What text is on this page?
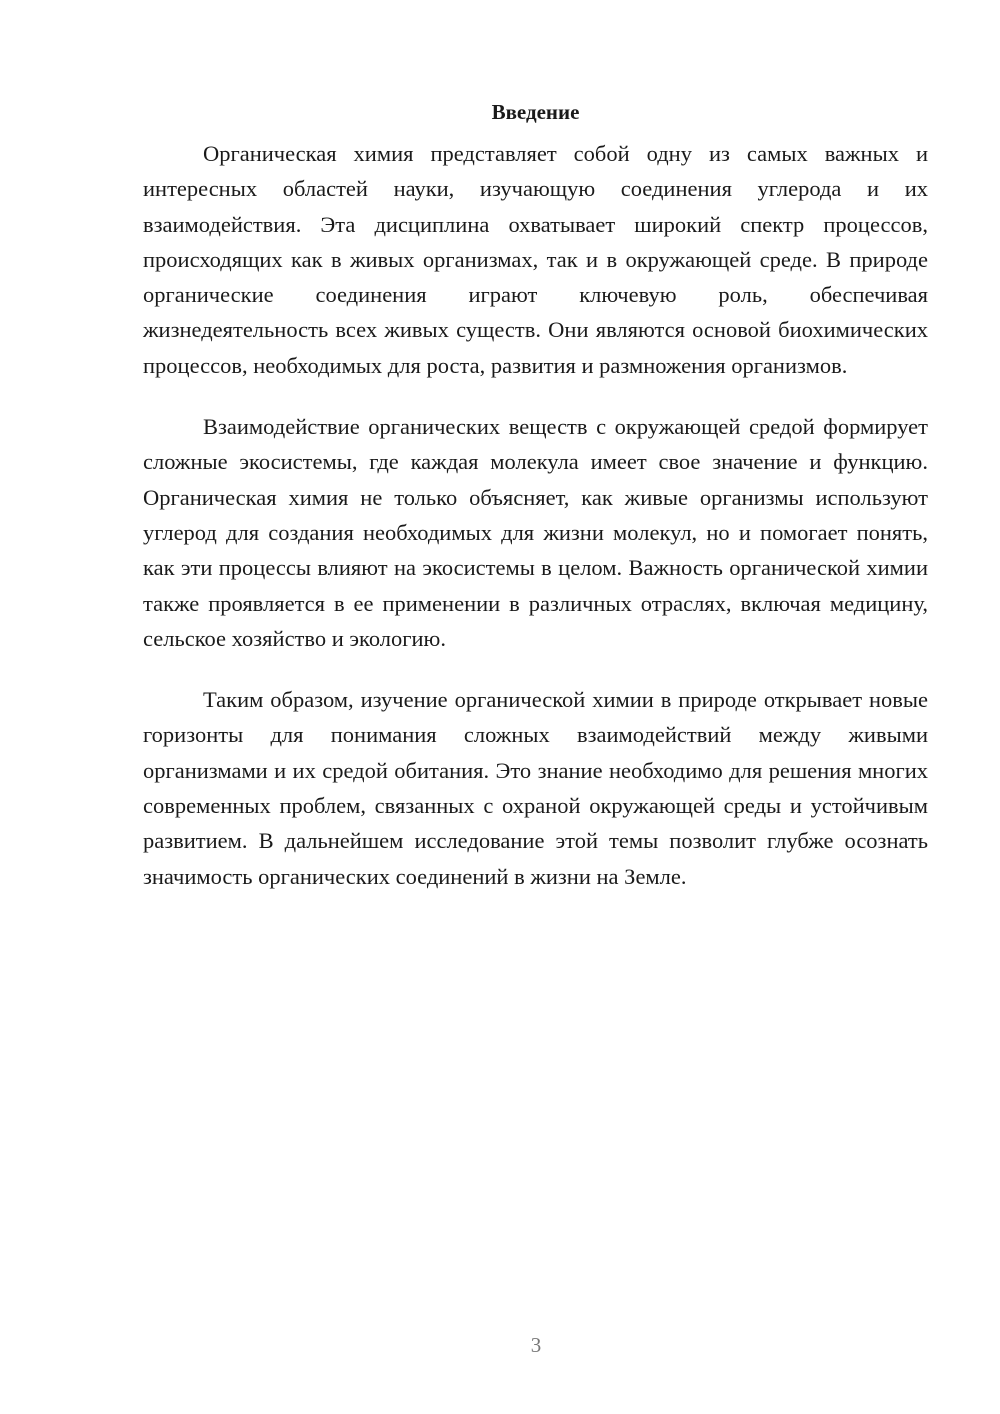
Введение

Органическая химия представляет собой одну из самых важных и интересных областей науки, изучающую соединения углерода и их взаимодействия. Эта дисциплина охватывает широкий спектр процессов, происходящих как в живых организмах, так и в окружающей среде. В природе органические соединения играют ключевую роль, обеспечивая жизнедеятельность всех живых существ. Они являются основой биохимических процессов, необходимых для роста, развития и размножения организмов.

Взаимодействие органических веществ с окружающей средой формирует сложные экосистемы, где каждая молекула имеет свое значение и функцию. Органическая химия не только объясняет, как живые организмы используют углерод для создания необходимых для жизни молекул, но и помогает понять, как эти процессы влияют на экосистемы в целом. Важность органической химии также проявляется в ее применении в различных отраслях, включая медицину, сельское хозяйство и экологию.

Таким образом, изучение органической химии в природе открывает новые горизонты для понимания сложных взаимодействий между живыми организмами и их средой обитания. Это знание необходимо для решения многих современных проблем, связанных с охраной окружающей среды и устойчивым развитием. В дальнейшем исследование этой темы позволит глубже осознать значимость органических соединений в жизни на Земле.

3
